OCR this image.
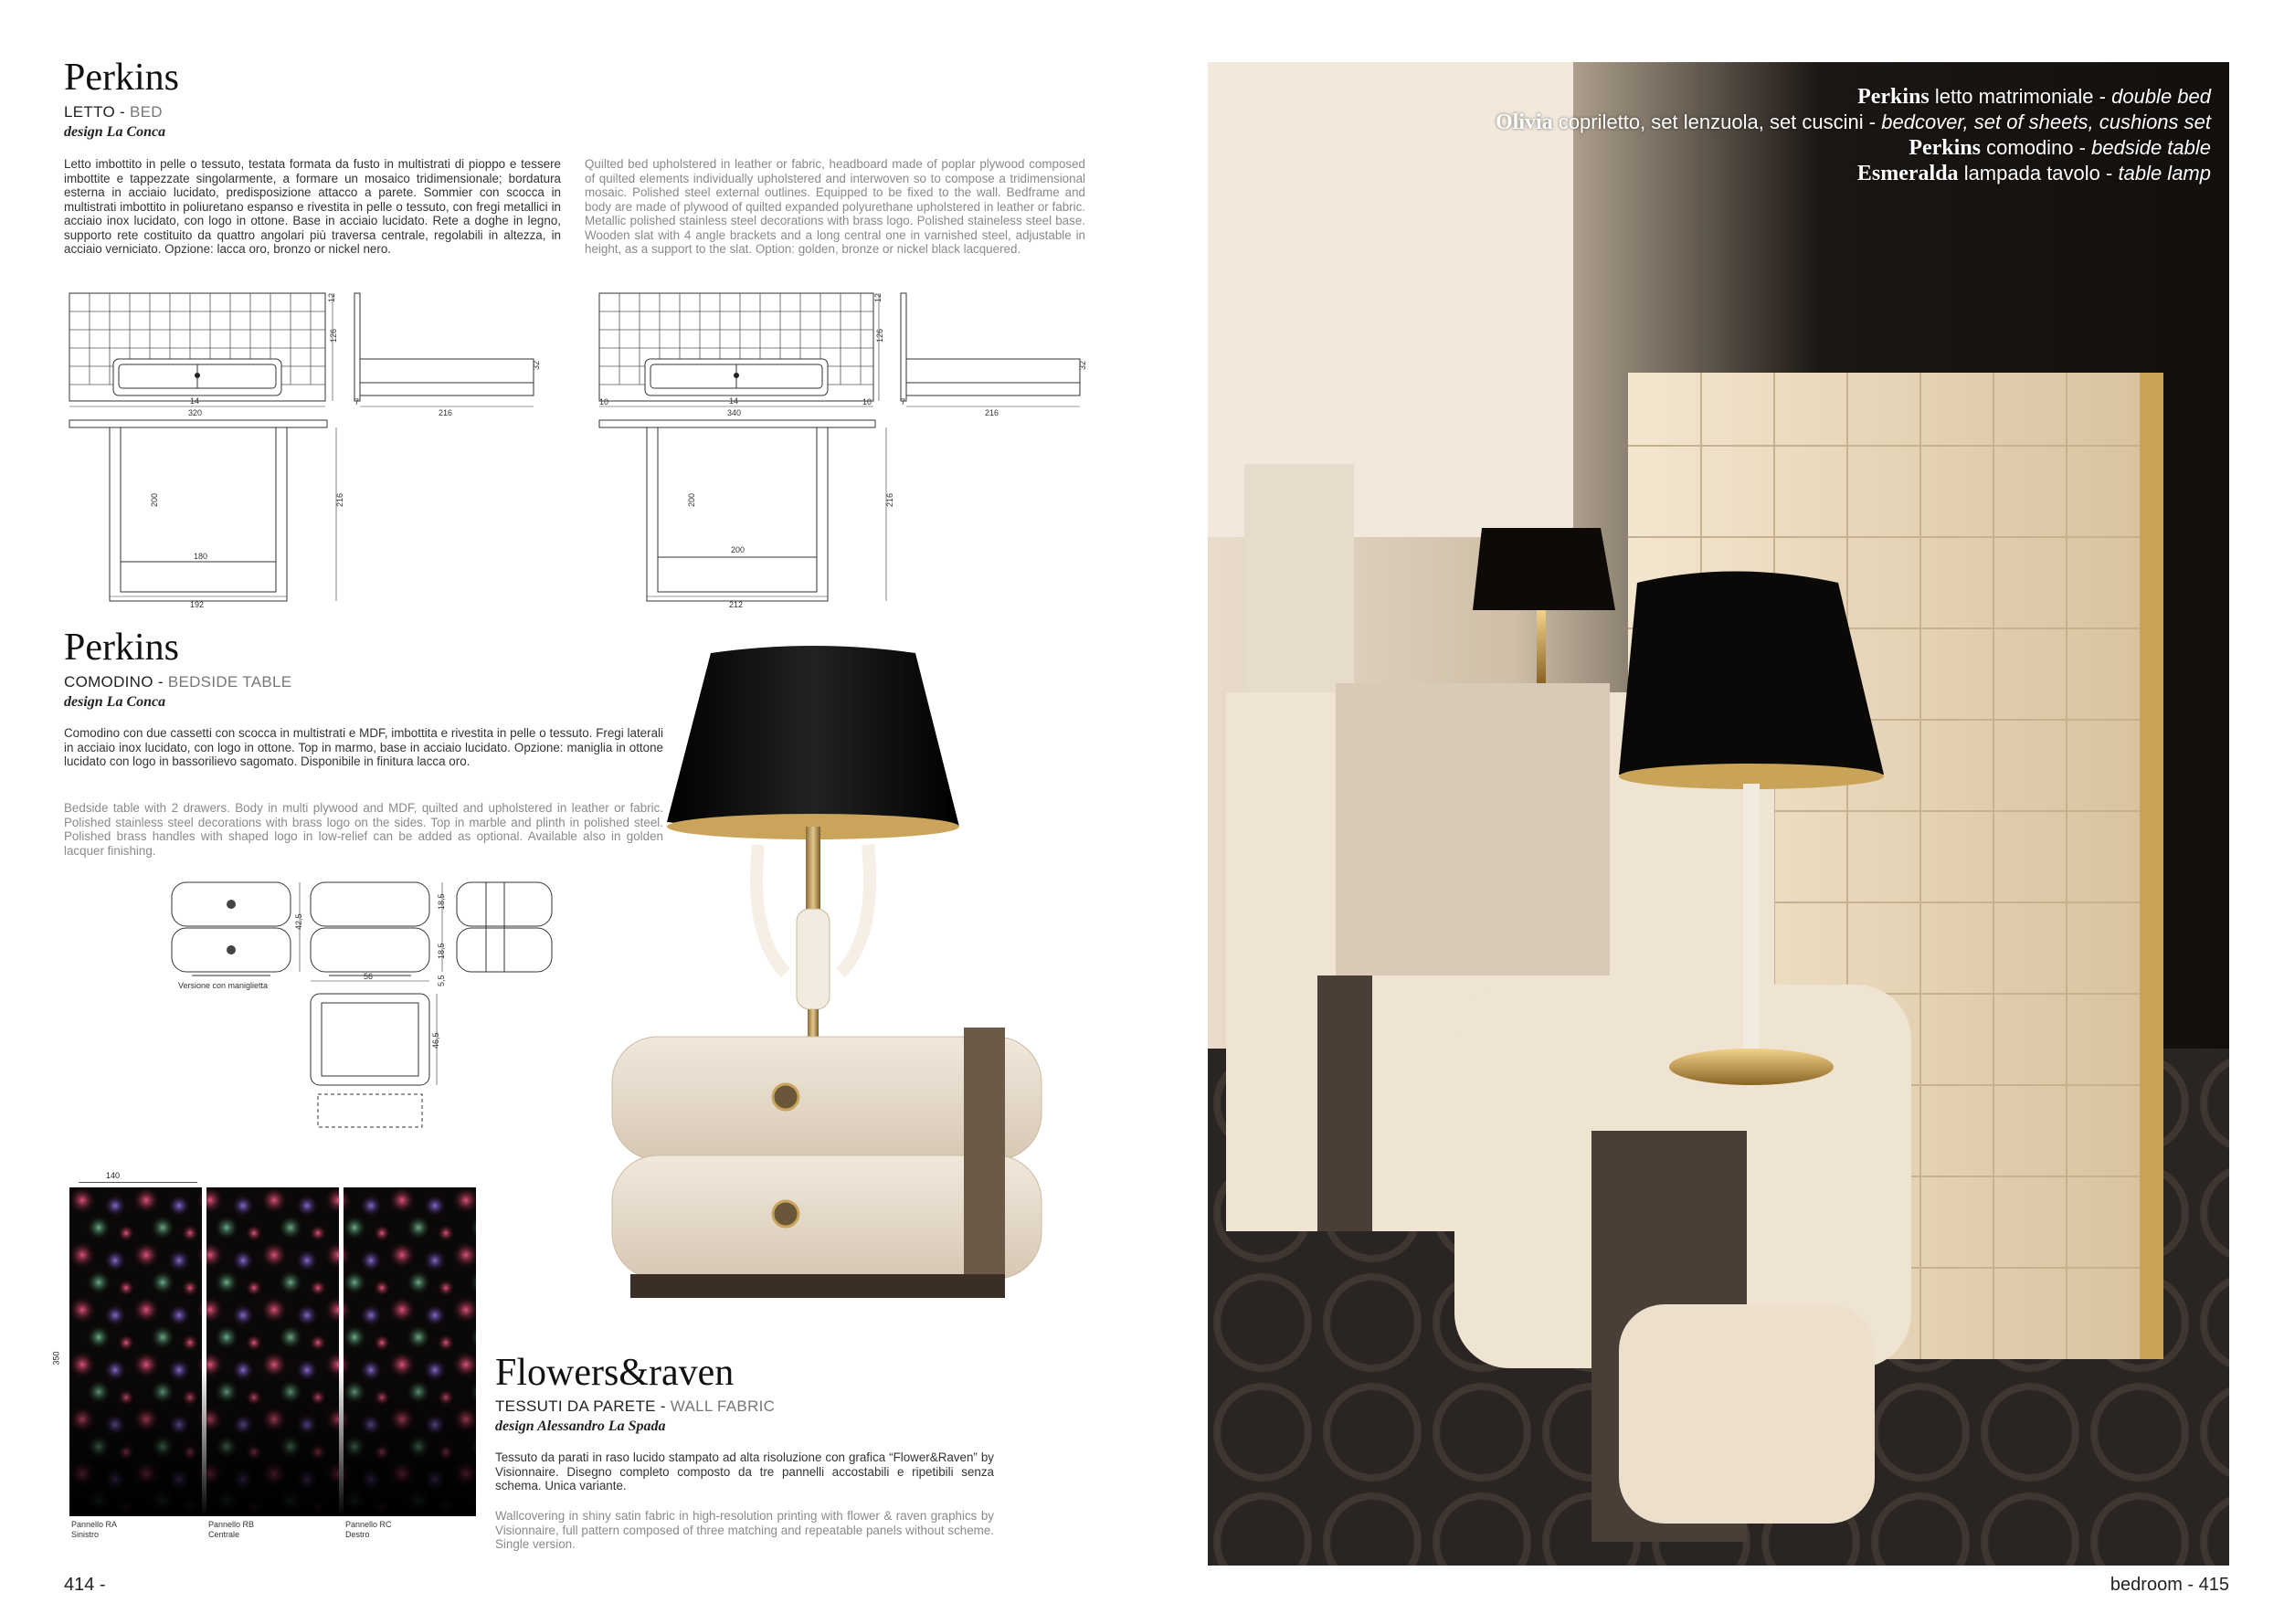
Perkins
LETTO - BED
design La Conca
Letto imbottito in pelle o tessuto, testata formata da fusto in multistrati di pioppo e tessere imbottite e tappezzate singolarmente, a formare un mosaico tridimensionale; bordatura esterna in acciaio lucidato, predisposizione attacco a parete. Sommier con scocca in multistrati imbottito in poliuretano espanso e rivestita in pelle o tessuto, con fregi metallici in acciaio inox lucidato, con logo in ottone. Base in acciaio lucidato. Rete a doghe in legno, supporto rete costituito da quattro angolari più traversa centrale, regolabili in altezza, in acciaio verniciato. Opzione: lacca oro, bronzo or nickel nero.
Quilted bed upholstered in leather or fabric, headboard made of poplar plywood composed of quilted elements individually upholstered and interwoven so to compose a tridimensional mosaic. Polished steel external outlines. Equipped to be fixed to the wall. Bedframe and body are made of plywood of quilted expanded polyurethane upholstered in leather or fabric. Metallic polished stainless steel decorations with brass logo. Polished staineless steel base. Wooden slat with 4 angle brackets and a long central one in varnished steel, adjustable in height, as a support to the slat. Option: golden, bronze or nickel black lacquered.
12
126
14
320
32
7
216
200	216
180
192
12
126
10	14	10
340
32
7
216
200	216
200
212
Perkins
COMODINO - BEDSIDE TABLE
design La Conca
Comodino con due cassetti con scocca in multistrati e MDF, imbottita e rivestita in pelle o tessuto. Fregi laterali in acciaio inox lucidato, con logo in ottone. Top in marmo, base in acciaio lucidato. Opzione: maniglia in ottone lucidato con logo in bassorilievo sagomato. Disponibile in finitura lacca oro.
Bedside table with 2 drawers. Body in multi plywood and MDF, quilted and upholstered in leather or fabric. Polished stainless steel decorations with brass logo on the sides. Top in marble and plinth in polished steel. Polished brass handles with shaped logo in low-relief can be added as optional. Available also in golden lacquer finishing.
42,5
18,5
18,5
5,5
56
46,5
Versione con maniglietta
140
350
Pannello RA
Sinistro
Pannello RB
Centrale
Pannello RC
Destro
Flowers&raven
TESSUTI DA PARETE - WALL FABRIC
design Alessandro La Spada
Tessuto da parati in raso lucido stampato ad alta risoluzione con grafica “Flower&Raven” by Visionnaire. Disegno completo composto da tre pannelli accostabili e ripetibili senza schema. Unica variante.
Wallcovering in shiny satin fabric in high-resolution printing with flower & raven graphics by Visionnaire, full pattern composed of three matching and repeatable panels without scheme. Single version.
414 -
Perkins letto matrimoniale - double bed
Olivia copriletto, set lenzuola, set cuscini - bedcover, set of sheets, cushions set
Perkins comodino - bedside table
Esmeralda lampada tavolo - table lamp
bedroom - 415
